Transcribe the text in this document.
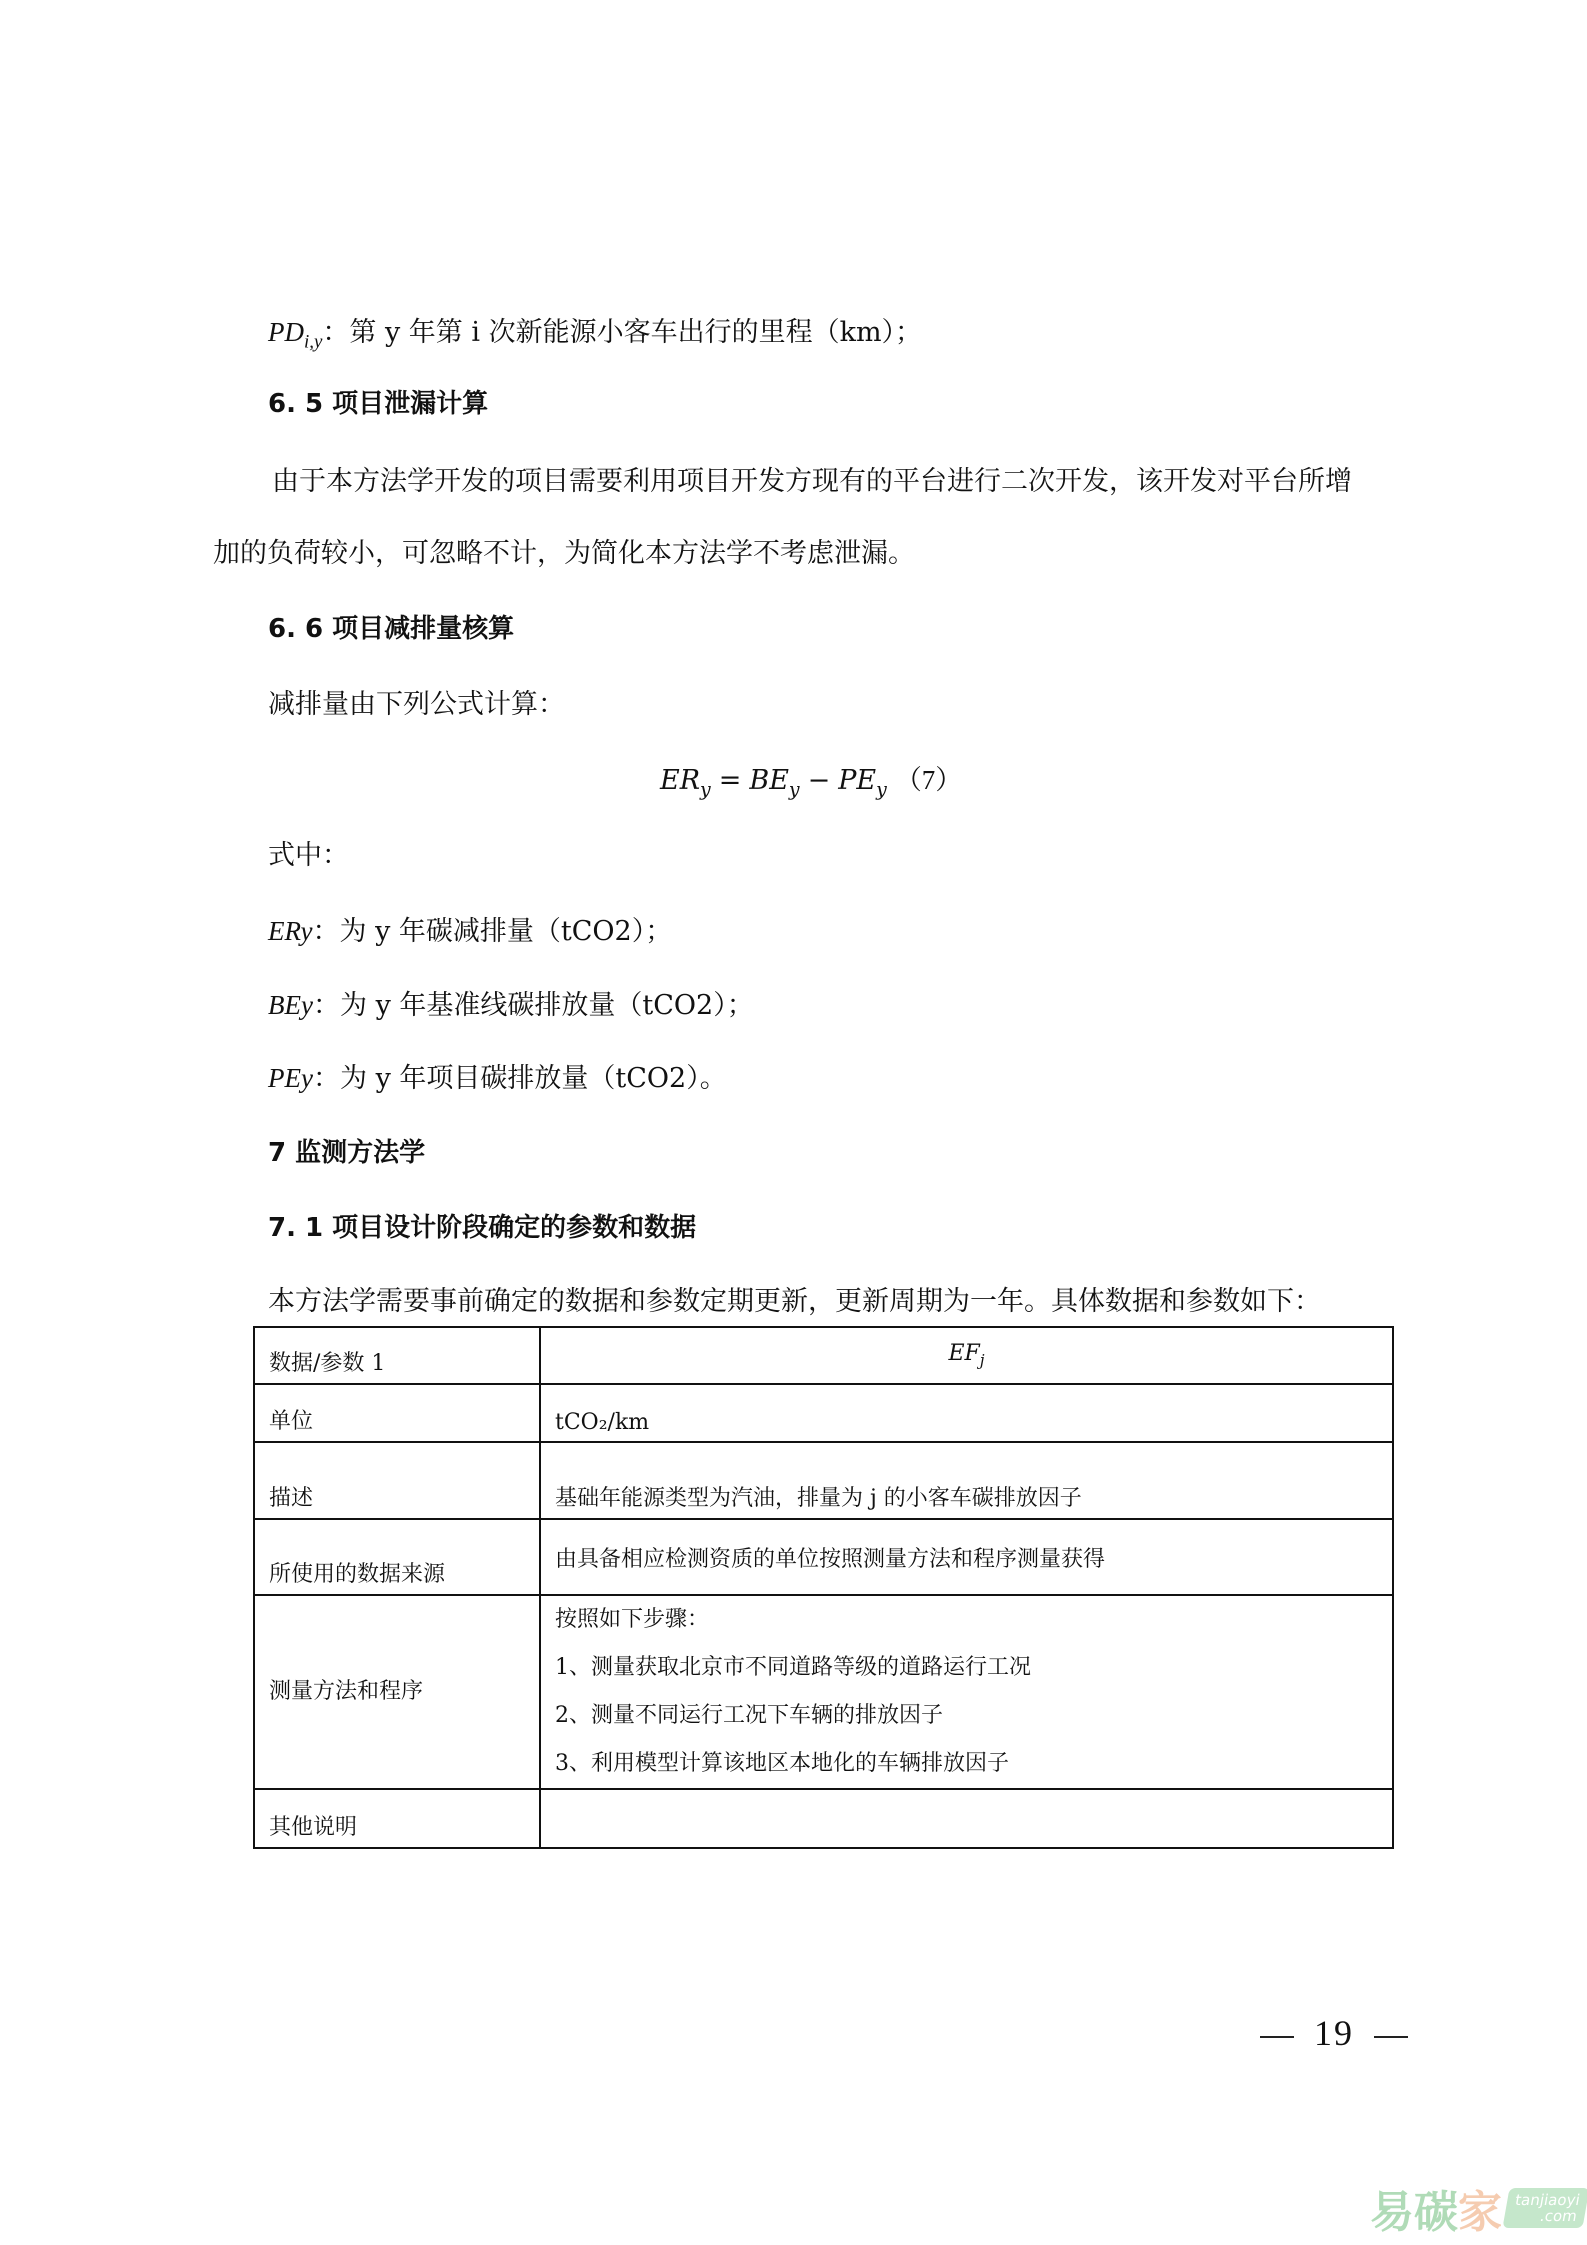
$PD_{i,y}$：第 y 年第 i 次新能源小客车出行的里程（km）；
6. 5 项目泄漏计算
由于本方法学开发的项目需要利用项目开发方现有的平台进行二次开发，该开发对平台所增
加的负荷较小，可忽略不计，为简化本方法学不考虑泄漏。
6. 6 项目减排量核算
减排量由下列公式计算：
$ER_y = BE_y - PE_y$ （7）
式中：
ERy：为 y 年碳减排量（tCO2）；
BEy：为 y 年基准线碳排放量（tCO2）；
PEy：为 y 年项目碳排放量（tCO2）。
7 监测方法学
7. 1 项目设计阶段确定的参数和数据
本方法学需要事前确定的数据和参数定期更新，更新周期为一年。具体数据和参数如下：
数据/参数 1	$EF_j$
单位	tCO₂/km
描述	基础年能源类型为汽油，排量为 j 的小客车碳排放因子
所使用的数据来源	由具备相应检测资质的单位按照测量方法和程序测量获得
测量方法和程序	按照如下步骤：
1、测量获取北京市不同道路等级的道路运行工况
2、测量不同运行工况下车辆的排放因子
3、利用模型计算该地区本地化的车辆排放因子

其他说明	
19
易碳 家 tanjiaoyi
.com
